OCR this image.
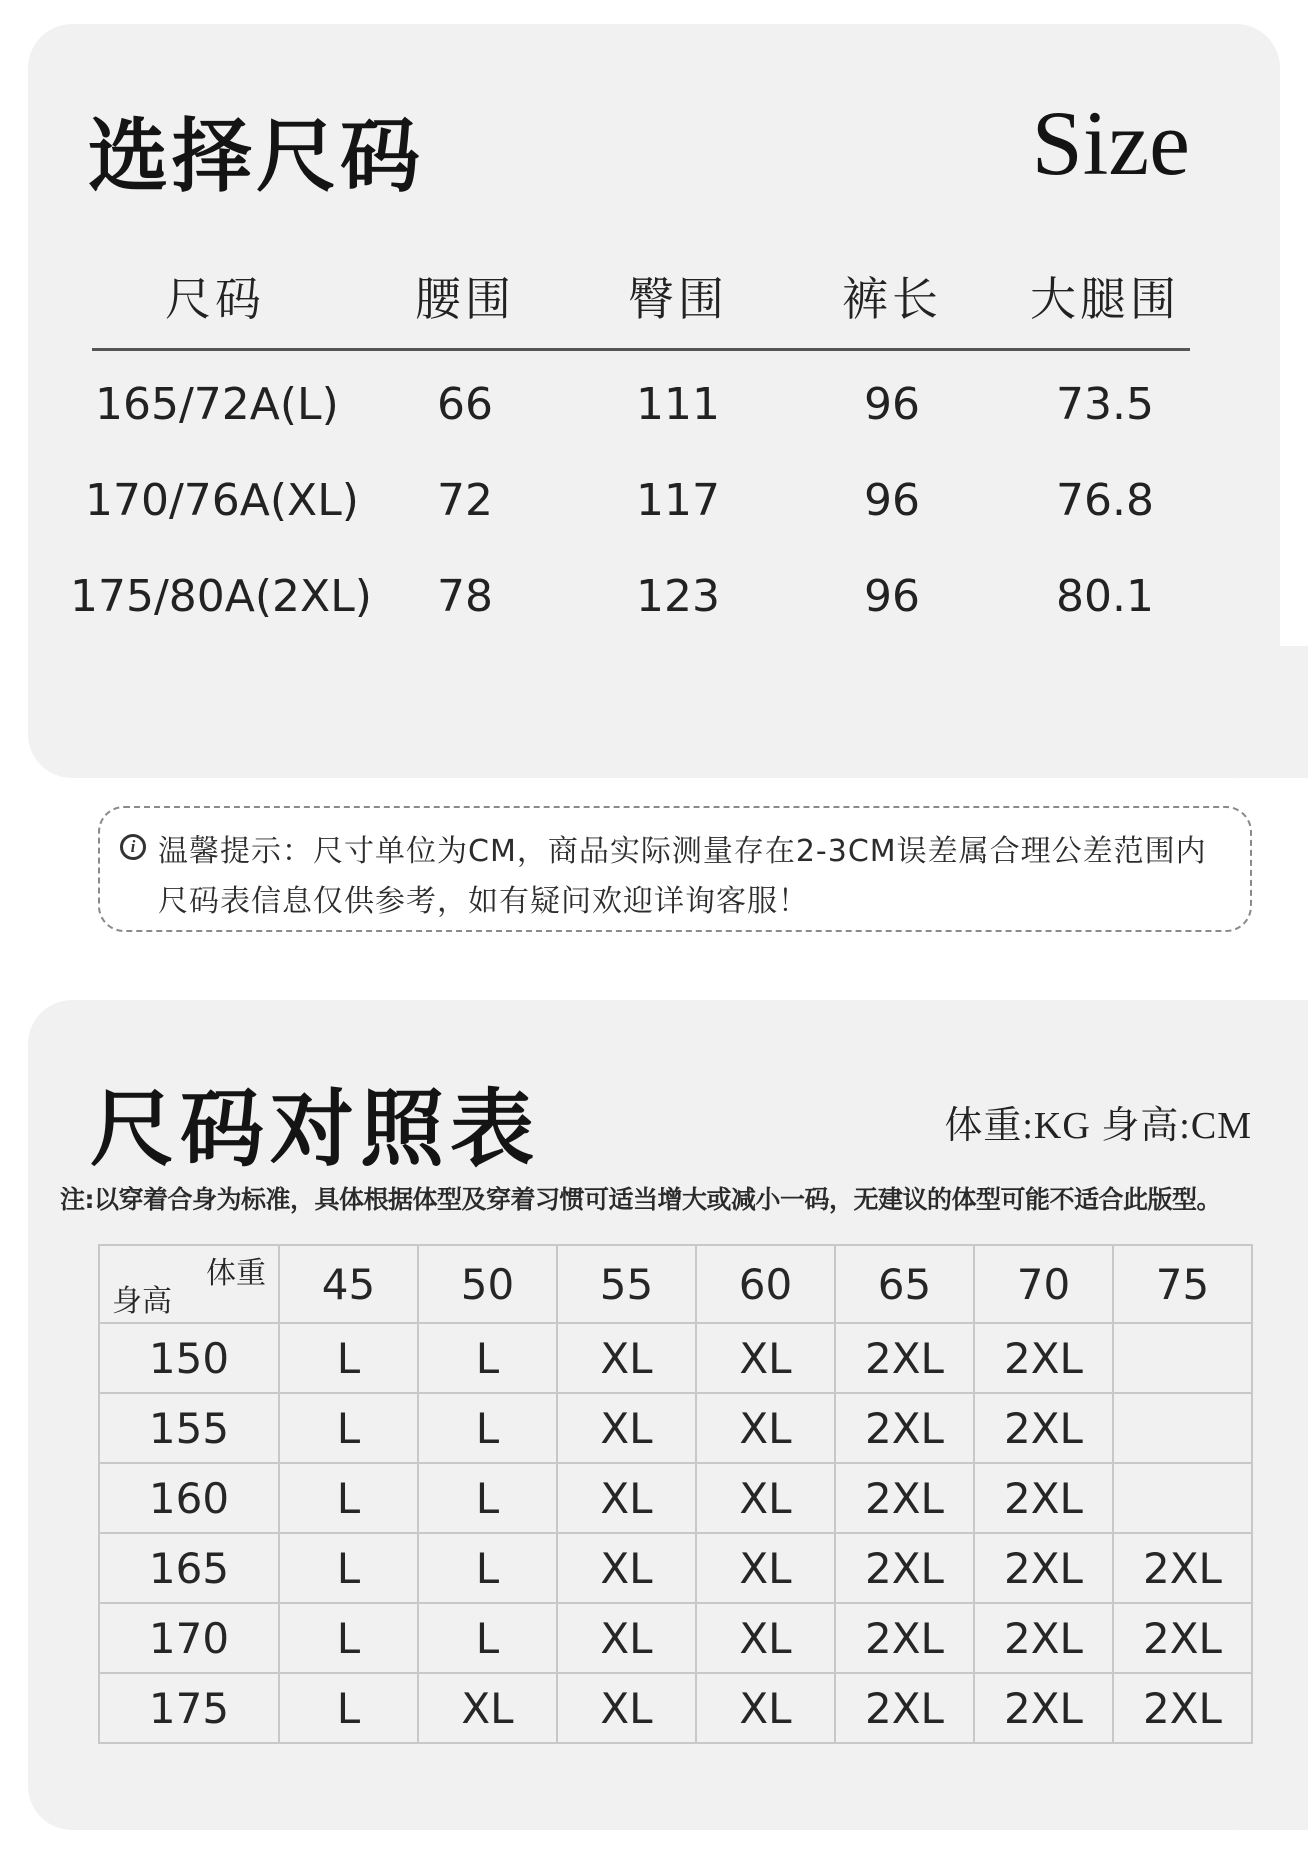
选择尺码	Size
尺码	腰围	臀围	裤长	大腿围
165/72A(L)	66	111	96	73.5
170/76A(XL)	72	117	96	76.8
175/80A(2XL)	78	123	96	80.1
i 温馨提示：尺寸单位为CM，商品实际测量存在2-3CM误差属合理公差范围内
尺码表信息仅供参考，如有疑问欢迎详询客服！
尺码对照表	体重:KG 身高:CM
注:以穿着合身为标准，具体根据体型及穿着习惯可适当增大或减小一码，无建议的体型可能不适合此版型。
体重
身高	45	50	55	60	65	70	75
150	L	L	XL	XL	2XL	2XL	
155	L	L	XL	XL	2XL	2XL	
160	L	L	XL	XL	2XL	2XL	
165	L	L	XL	XL	2XL	2XL	2XL
170	L	L	XL	XL	2XL	2XL	2XL
175	L	XL	XL	XL	2XL	2XL	2XL
